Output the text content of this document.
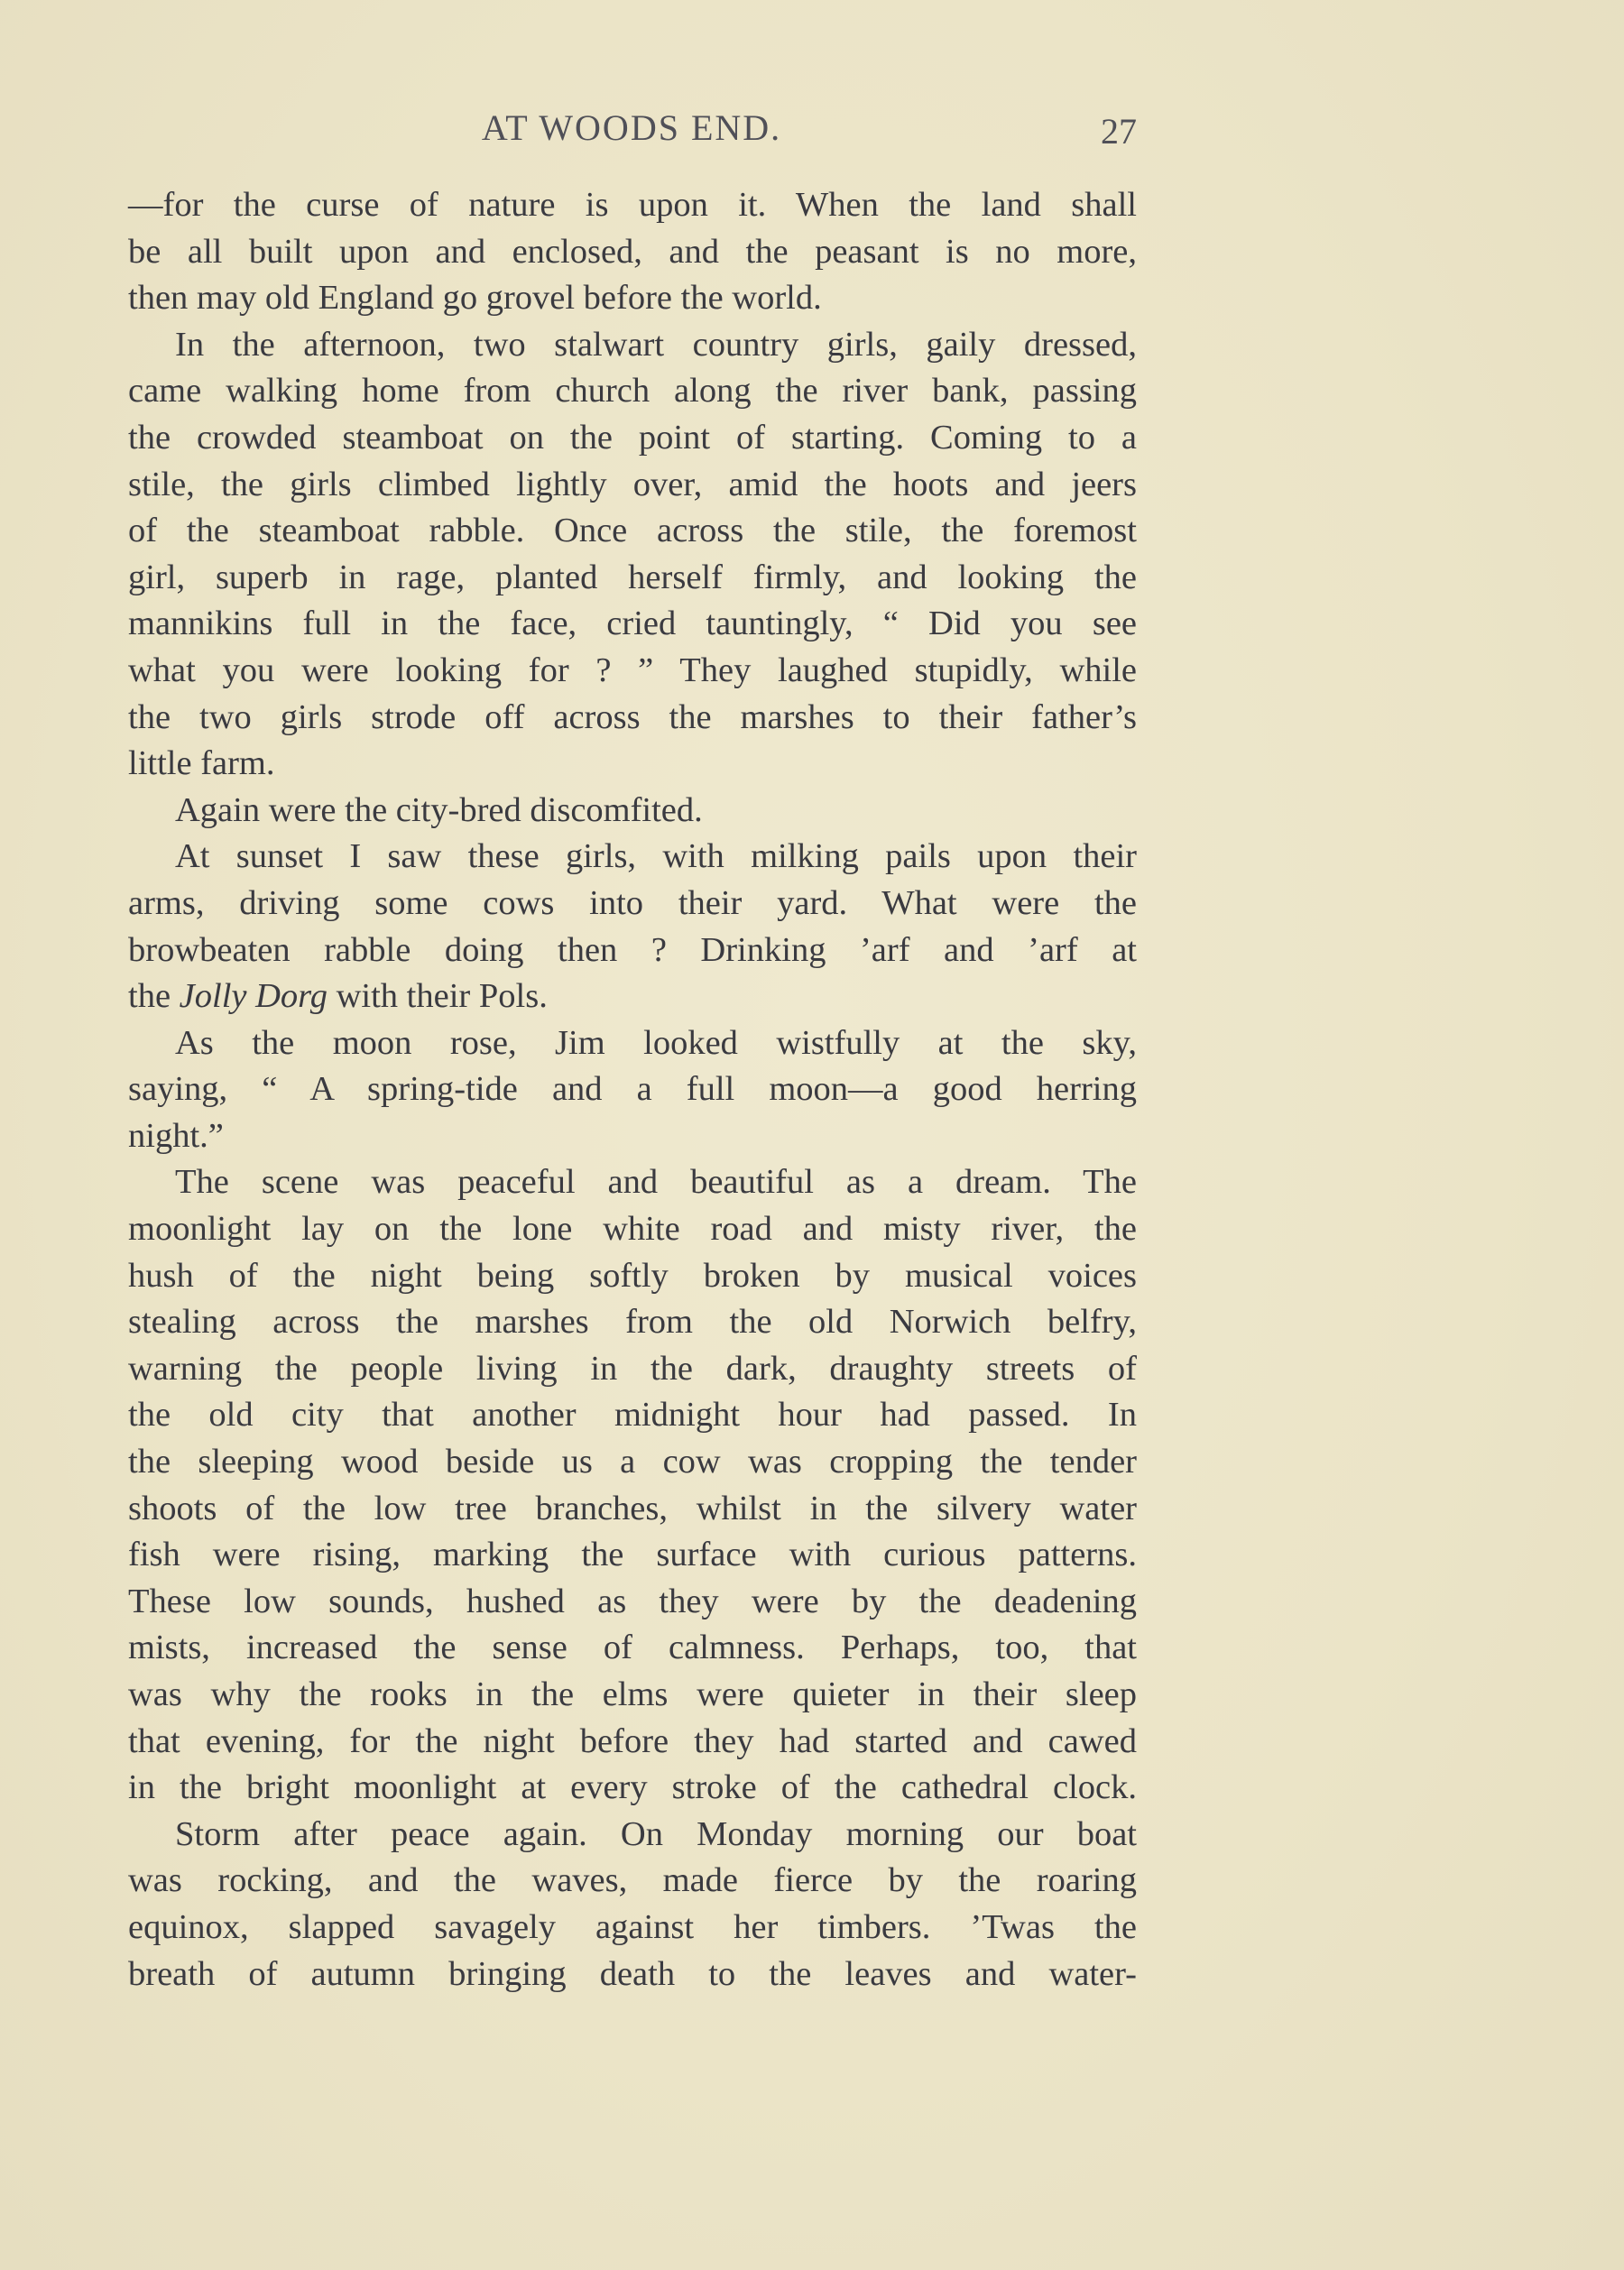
AT WOODS END.	27
—for the curse of nature is upon it. When the land shall
be all built upon and enclosed, and the peasant is no more,
then may old England go grovel before the world.
In the afternoon, two stalwart country girls, gaily dressed,
came walking home from church along the river bank, passing
the crowded steamboat on the point of starting. Coming to a
stile, the girls climbed lightly over, amid the hoots and jeers
of the steamboat rabble. Once across the stile, the foremost
girl, superb in rage, planted herself firmly, and looking the
mannikins full in the face, cried tauntingly, “ Did you see
what you were looking for ? ” They laughed stupidly, while
the two girls strode off across the marshes to their father’s
little farm.
Again were the city-bred discomfited.
At sunset I saw these girls, with milking pails upon their
arms, driving some cows into their yard. What were the
browbeaten rabble doing then ? Drinking ’arf and ’arf at
the Jolly Dorg with their Pols.
As the moon rose, Jim looked wistfully at the sky,
saying, “ A spring-tide and a full moon—a good herring
night.”
The scene was peaceful and beautiful as a dream. The
moonlight lay on the lone white road and misty river, the
hush of the night being softly broken by musical voices
stealing across the marshes from the old Norwich belfry,
warning the people living in the dark, draughty streets of
the old city that another midnight hour had passed. In
the sleeping wood beside us a cow was cropping the tender
shoots of the low tree branches, whilst in the silvery water
fish were rising, marking the surface with curious patterns.
These low sounds, hushed as they were by the deadening
mists, increased the sense of calmness. Perhaps, too, that
was why the rooks in the elms were quieter in their sleep
that evening, for the night before they had started and cawed
in the bright moonlight at every stroke of the cathedral clock.
Storm after peace again. On Monday morning our boat
was rocking, and the waves, made fierce by the roaring
equinox, slapped savagely against her timbers. ’Twas the
breath of autumn bringing death to the leaves and water-
